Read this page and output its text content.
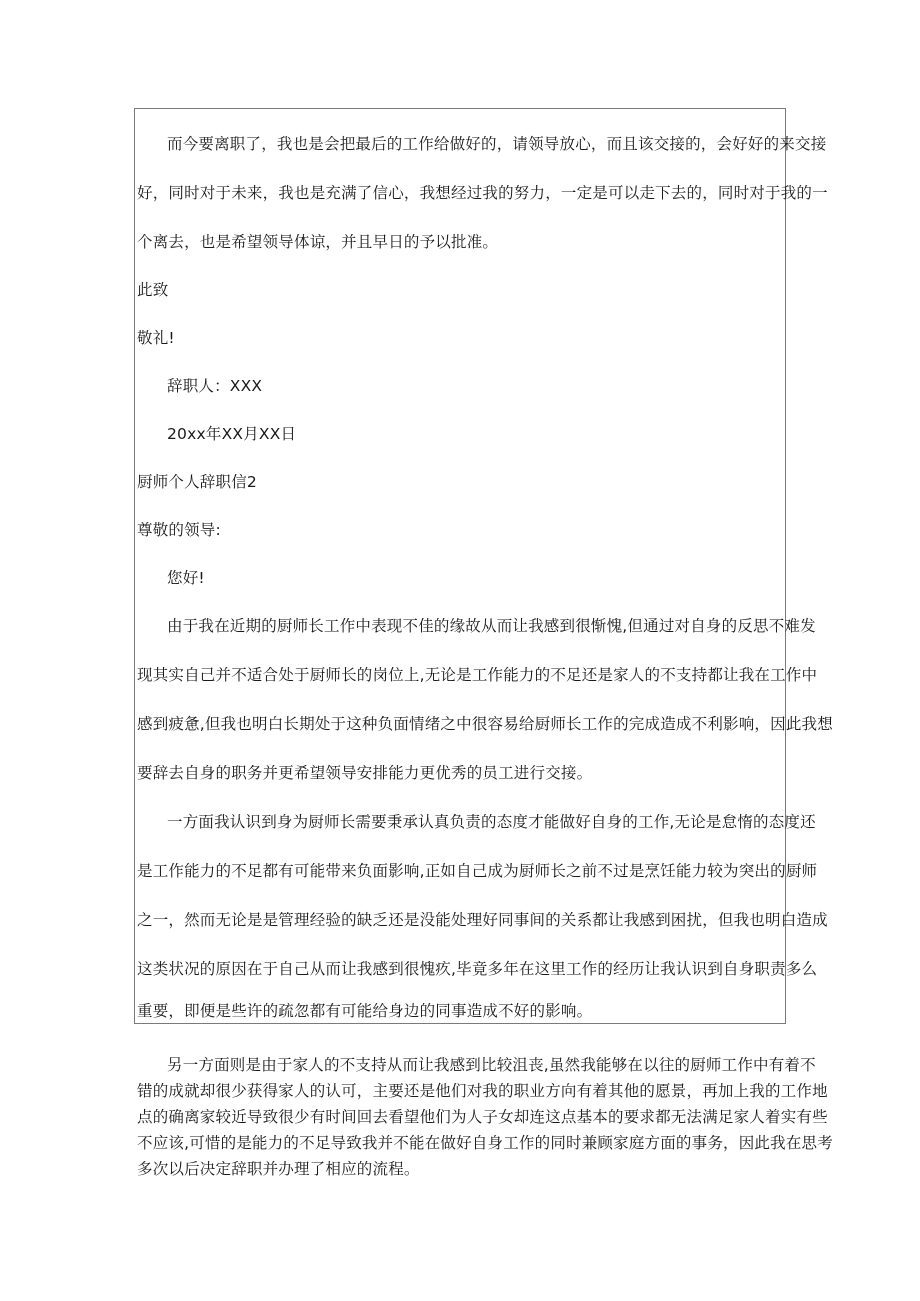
而今要离职了，我也是会把最后的工作给做好的，请领导放心，而且该交接的，会好好的来交接
好，同时对于未来，我也是充满了信心，我想经过我的努力，一定是可以走下去的，同时对于我的一
个离去，也是希望领导体谅，并且早日的予以批准。
此致
敬礼!
辞职人：XXX
20xx年XX月XX日
厨师个人辞职信2
尊敬的领导:
您好!
由于我在近期的厨师长工作中表现不佳的缘故从而让我感到很惭愧,但通过对自身的反思不难发
现其实自己并不适合处于厨师长的岗位上,无论是工作能力的不足还是家人的不支持都让我在工作中
感到疲惫,但我也明白长期处于这种负面情绪之中很容易给厨师长工作的完成造成不利影响，因此我想
要辞去自身的职务并更希望领导安排能力更优秀的员工进行交接。
一方面我认识到身为厨师长需要秉承认真负责的态度才能做好自身的工作,无论是怠惰的态度还
是工作能力的不足都有可能带来负面影响,正如自己成为厨师长之前不过是烹饪能力较为突出的厨师
之一，然而无论是是管理经验的缺乏还是没能处理好同事间的关系都让我感到困扰，但我也明白造成
这类状况的原因在于自己从而让我感到很愧疚,毕竟多年在这里工作的经历让我认识到自身职责多么
重要，即便是些许的疏忽都有可能给身边的同事造成不好的影响。
另一方面则是由于家人的不支持从而让我感到比较沮丧,虽然我能够在以往的厨师工作中有着不
错的成就却很少获得家人的认可，主要还是他们对我的职业方向有着其他的愿景，再加上我的工作地
点的确离家较近导致很少有时间回去看望他们为人子女却连这点基本的要求都无法满足家人着实有些
不应该,可惜的是能力的不足导致我并不能在做好自身工作的同时兼顾家庭方面的事务，因此我在思考
多次以后决定辞职并办理了相应的流程。
